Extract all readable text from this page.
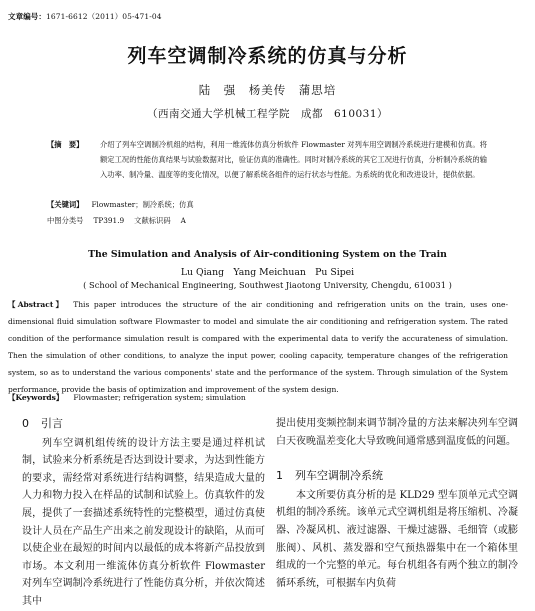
文章编号：1671-6612（2011）05-471-04
列车空调制冷系统的仿真与分析
陆　强　杨美传　蒲思培
（西南交通大学机械工程学院　成都　610031）
【摘　要】	介绍了列车空调制冷机组的结构，利用一维流体仿真分析软件 Flowmaster 对列车用空调制冷系统进行建模和仿真。将额定工况的性能仿真结果与试验数据对比，验证仿真的准确性。同时对制冷系统的其它工况进行仿真，分析制冷系统的输入功率、制冷量、温度等的变化情况，以便了解系统各组件的运行状态与性能。为系统的优化和改进设计，提供依据。
【关键词】 Flowmaster；制冷系统；仿真
中图分类号 TP391.9 文献标识码 A
The Simulation and Analysis of Air-conditioning System on the Train
Lu Qiang　Yang Meichuan　Pu Sipei
( School of Mechanical Engineering, Southwest Jiaotong University, Chengdu, 610031 )
【Abstract】 This paper introduces the structure of the air conditioning and refrigeration units on the train, uses one-dimensional fluid simulation software Flowmaster to model and simulate the air conditioning and refrigeration system. The rated condition of the performance simulation result is compared with the experimental data to verify the accurateness of simulation. Then the simulation of other conditions, to analyze the input power, cooling capacity, temperature changes of the refrigeration system, so as to understand the various components' state and the performance of the system. Through simulation of the System performance, provide the basis of optimization and improvement of the system design.
【Keywords】 Flowmaster; refrigeration system; simulation
0 引言

列车空调机组传统的设计方法主要是通过样机试制，试验来分析系统是否达到设计要求，为达到性能方的要求，需经常对系统进行结构调整，结果造成大量的人力和物力投入在样品的试制和试验上。仿真软件的发展，提供了一套描述系统特性的完整模型，通过仿真使设计人员在产品生产出来之前发现设计的缺陷，从而可以使企业在最短的时间内以最低的成本将新产品投放到市场。本文利用一维流体仿真分析软件 Flowmaster 对列车空调制冷系统进行了性能仿真分析，并依次简述其中

提出使用变频控制来调节制冷量的方法来解决列车空调白天夜晚温差变化大导致晚间通常感到温度低的问题。

1 列车空调制冷系统

本文所要仿真分析的是 KLD29 型车顶单元式空调机组的制冷系统。该单元式空调机组是将压缩机、冷凝器、冷凝风机、液过滤器、干燥过滤器、毛细管（或膨胀阀）、风机、蒸发器和空气预热器集中在一个箱体里组成的一个完整的单元。每台机组各有两个独立的制冷循环系统，可根据车内负荷
